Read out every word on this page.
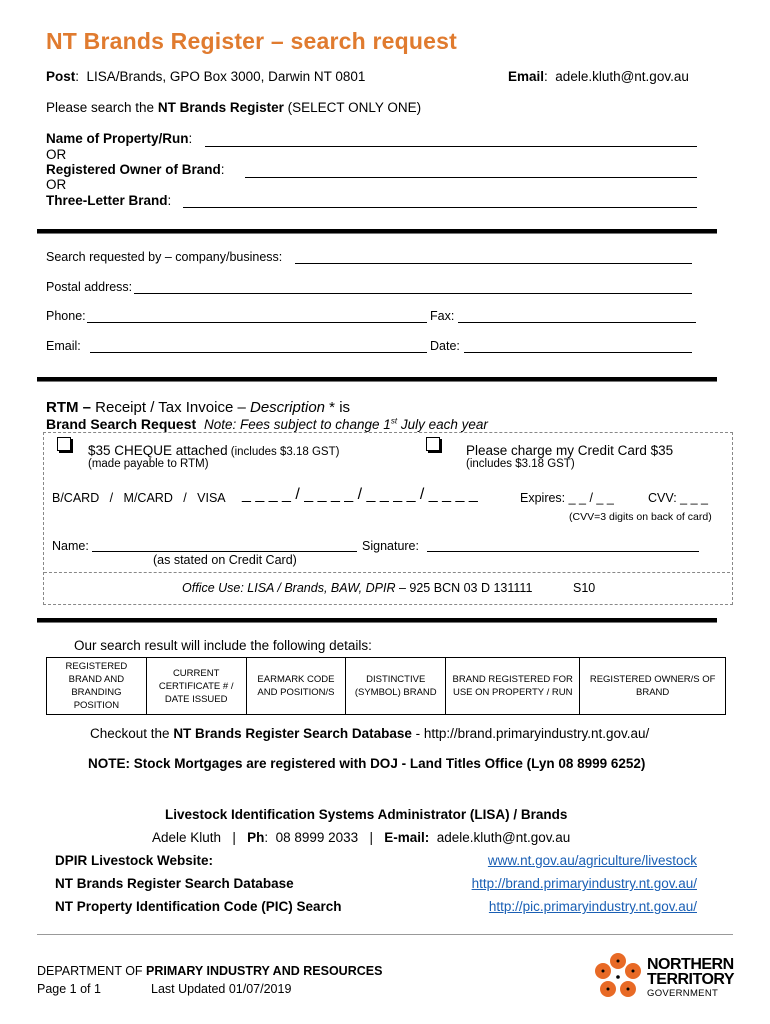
NT Brands Register – search request
Post:  LISA/Brands, GPO Box 3000, Darwin NT 0801	Email:  adele.kluth@nt.gov.au
Please search the NT Brands Register (SELECT ONLY ONE)
Name of Property/Run:
OR
Registered Owner of Brand:
OR
Three-Letter Brand:
Search requested by – company/business:
Postal address:
Phone:	Fax:
Email:	Date:
RTM – Receipt / Tax Invoice – Description * is
Brand Search Request Note: Fees subject to change 1st July each year
$35 CHEQUE attached (includes $3.18 GST)
(made payable to RTM)
Please charge my Credit Card $35
(includes $3.18 GST)
B/CARD   /   M/CARD   /   VISA _ _ _ _ / _ _ _ _ / _ _ _ _ / _ _ _ _	Expires: _ _ / _ _	CVV: _ _ _
(CVV=3 digits on back of card)
Name:	Signature:
(as stated on Credit Card)
Office Use: LISA / Brands, BAW, DPIR – 925 BCN 03 D 131111	S10
Our search result will include the following details:
REGISTERED BRAND AND BRANDING POSITION	CURRENT CERTIFICATE # / DATE ISSUED	EARMARK CODE AND POSITION/S	DISTINCTIVE (SYMBOL) BRAND	BRAND REGISTERED FOR USE ON PROPERTY / RUN	REGISTERED OWNER/S OF BRAND
Checkout the NT Brands Register Search Database - http://brand.primaryindustry.nt.gov.au/
NOTE: Stock Mortgages are registered with DOJ - Land Titles Office (Lyn 08 8999 6252)
Livestock Identification Systems Administrator (LISA) / Brands
Adele Kluth   |   Ph:  08 8999 2033   |   E-mail: adele.kluth@nt.gov.au
DPIR Livestock Website:	www.nt.gov.au/agriculture/livestock
NT Brands Register Search Database	http://brand.primaryindustry.nt.gov.au/
NT Property Identification Code (PIC) Search	http://pic.primaryindustry.nt.gov.au/
DEPARTMENT OF PRIMARY INDUSTRY AND RESOURCES
Page 1 of 1	Last Updated 01/07/2019
NORTHERN
TERRITORY
GOVERNMENT
